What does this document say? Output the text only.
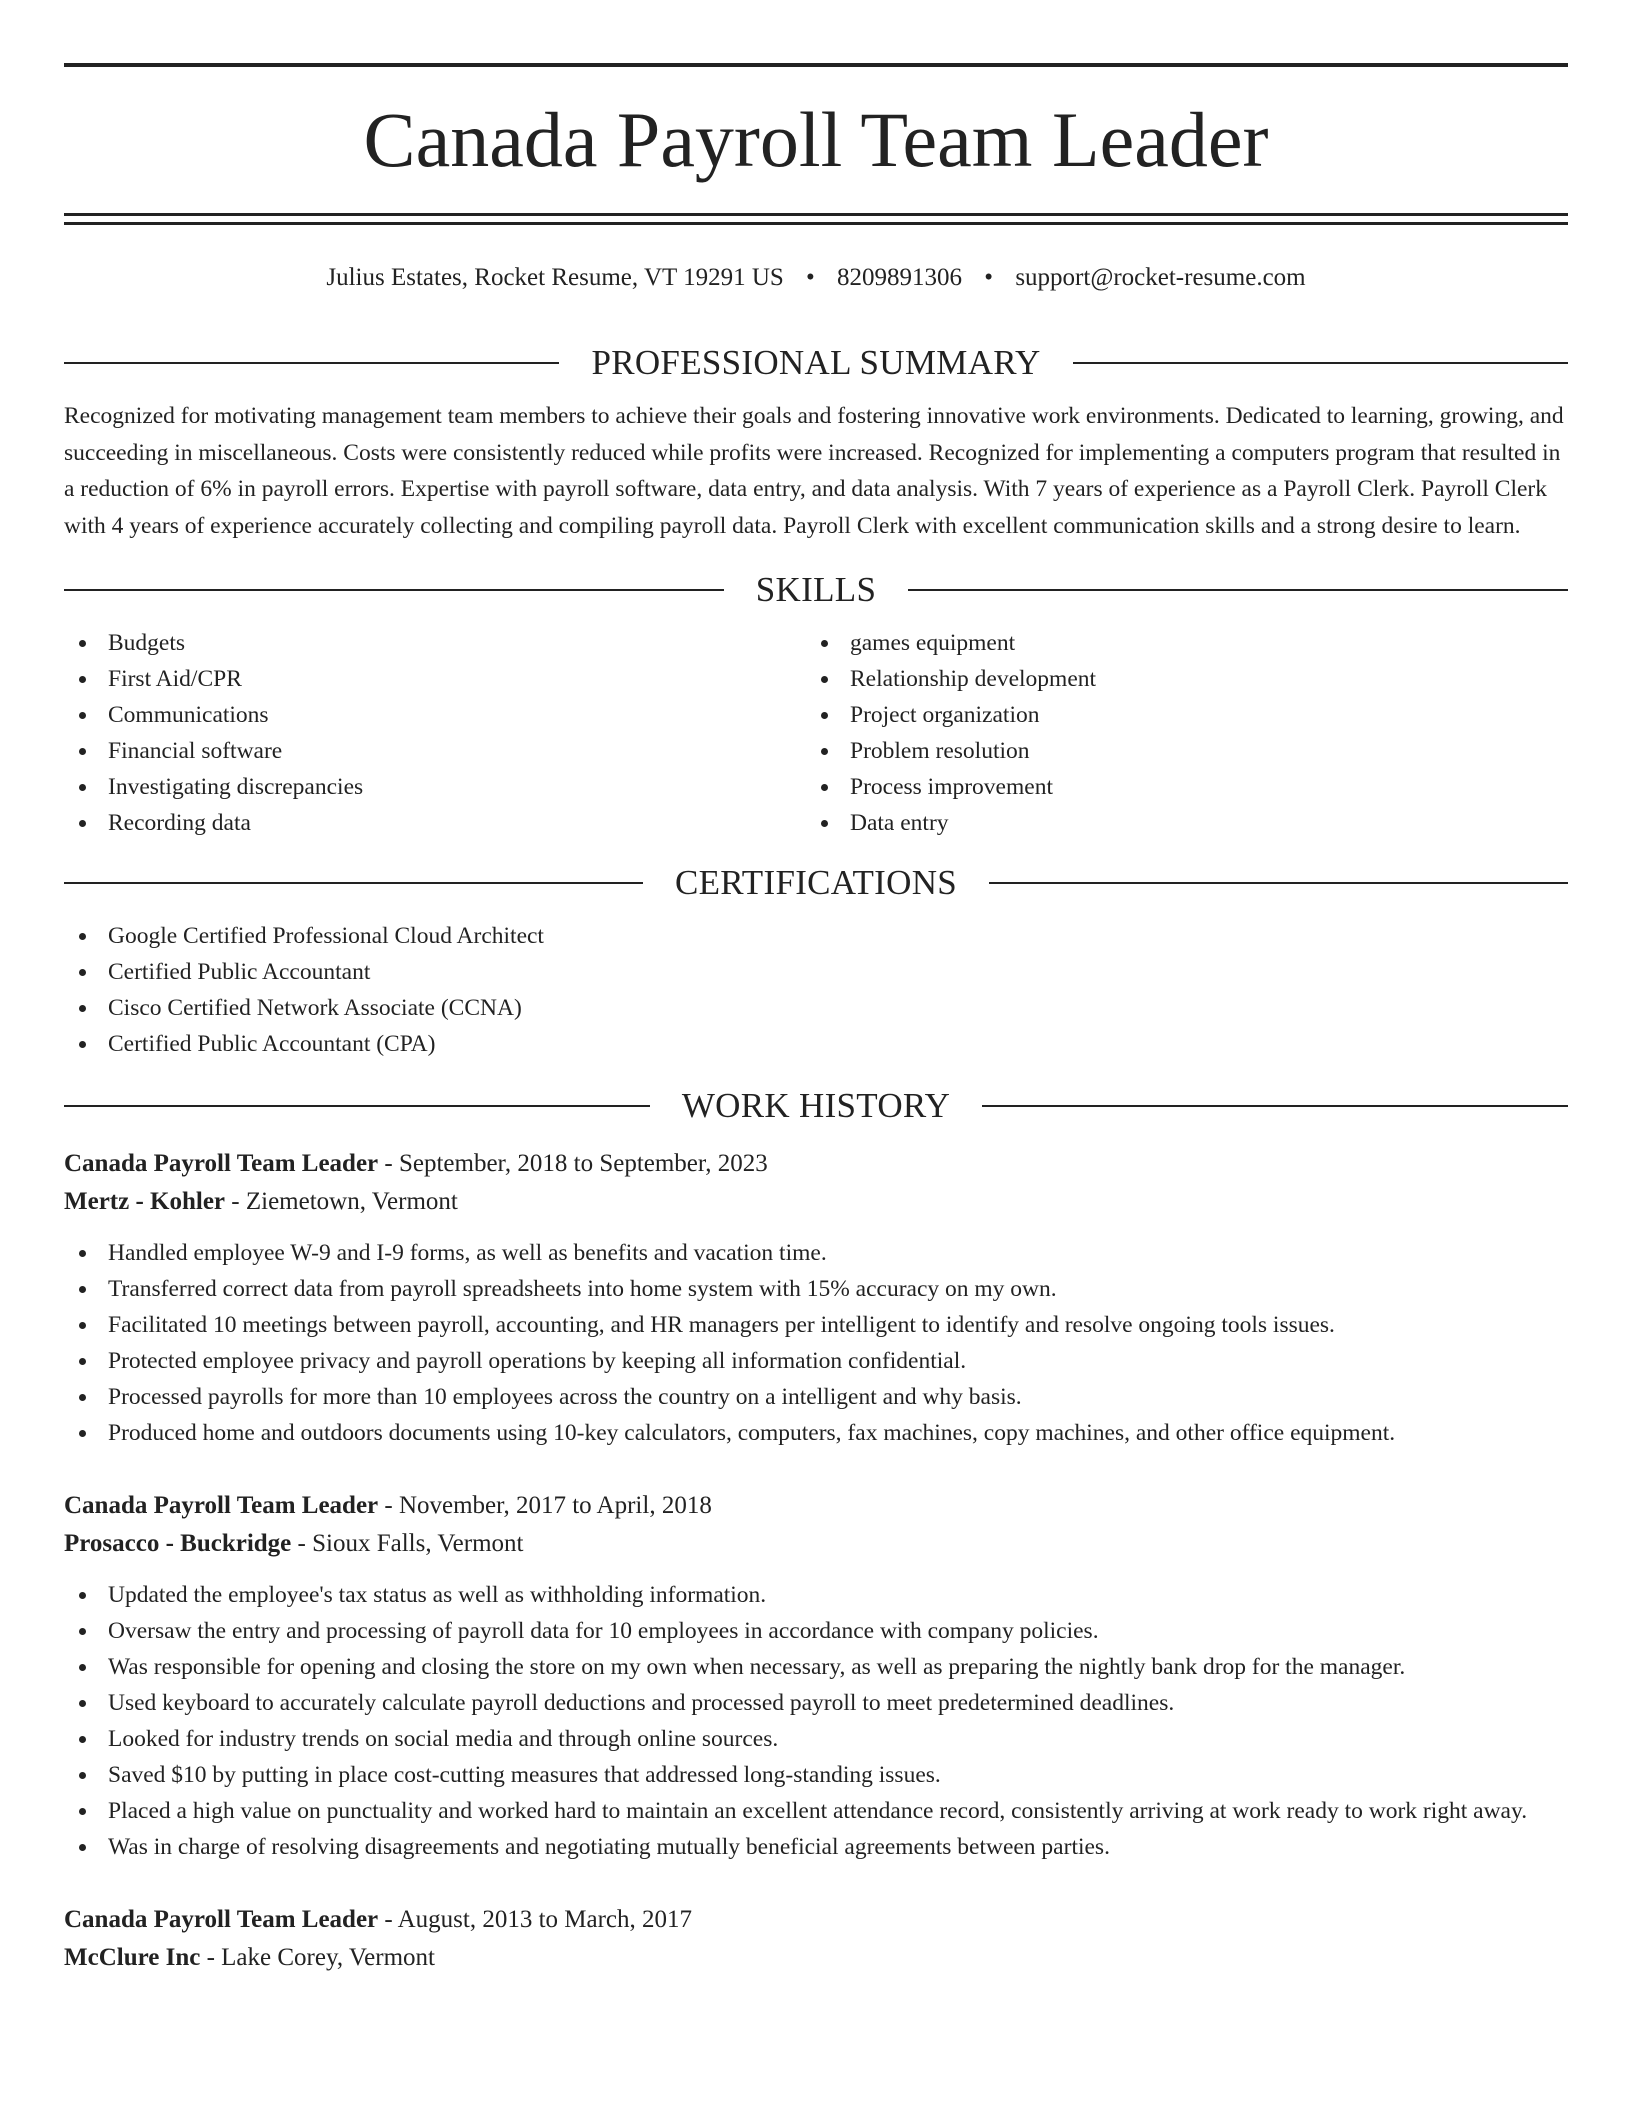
Canada Payroll Team Leader
Julius Estates, Rocket Resume, VT 19291 US • 8209891306 • support@rocket-resume.com
PROFESSIONAL SUMMARY

Recognized for motivating management team members to achieve their goals and fostering innovative work environments. Dedicated to learning, growing, and succeeding in miscellaneous. Costs were consistently reduced while profits were increased. Recognized for implementing a computers program that resulted in a reduction of 6% in payroll errors. Expertise with payroll software, data entry, and data analysis. With 7 years of experience as a Payroll Clerk. Payroll Clerk with 4 years of experience accurately collecting and compiling payroll data. Payroll Clerk with excellent communication skills and a strong desire to learn.

SKILLS
Budgets
First Aid/CPR
Communications
Financial software
Investigating discrepancies
Recording data
games equipment
Relationship development
Project organization
Problem resolution
Process improvement
Data entry
CERTIFICATIONS
Google Certified Professional Cloud Architect
Certified Public Accountant
Cisco Certified Network Associate (CCNA)
Certified Public Accountant (CPA)
WORK HISTORY
Canada Payroll Team Leader - September, 2018 to September, 2023
Mertz - Kohler - Ziemetown, Vermont
Handled employee W-9 and I-9 forms, as well as benefits and vacation time.
Transferred correct data from payroll spreadsheets into home system with 15% accuracy on my own.
Facilitated 10 meetings between payroll, accounting, and HR managers per intelligent to identify and resolve ongoing tools issues.
Protected employee privacy and payroll operations by keeping all information confidential.
Processed payrolls for more than 10 employees across the country on a intelligent and why basis.
Produced home and outdoors documents using 10-key calculators, computers, fax machines, copy machines, and other office equipment.
Canada Payroll Team Leader - November, 2017 to April, 2018
Prosacco - Buckridge - Sioux Falls, Vermont
Updated the employee's tax status as well as withholding information.
Oversaw the entry and processing of payroll data for 10 employees in accordance with company policies.
Was responsible for opening and closing the store on my own when necessary, as well as preparing the nightly bank drop for the manager.
Used keyboard to accurately calculate payroll deductions and processed payroll to meet predetermined deadlines.
Looked for industry trends on social media and through online sources.
Saved $10 by putting in place cost-cutting measures that addressed long-standing issues.
Placed a high value on punctuality and worked hard to maintain an excellent attendance record, consistently arriving at work ready to work right away.
Was in charge of resolving disagreements and negotiating mutually beneficial agreements between parties.
Canada Payroll Team Leader - August, 2013 to March, 2017
McClure Inc - Lake Corey, Vermont
